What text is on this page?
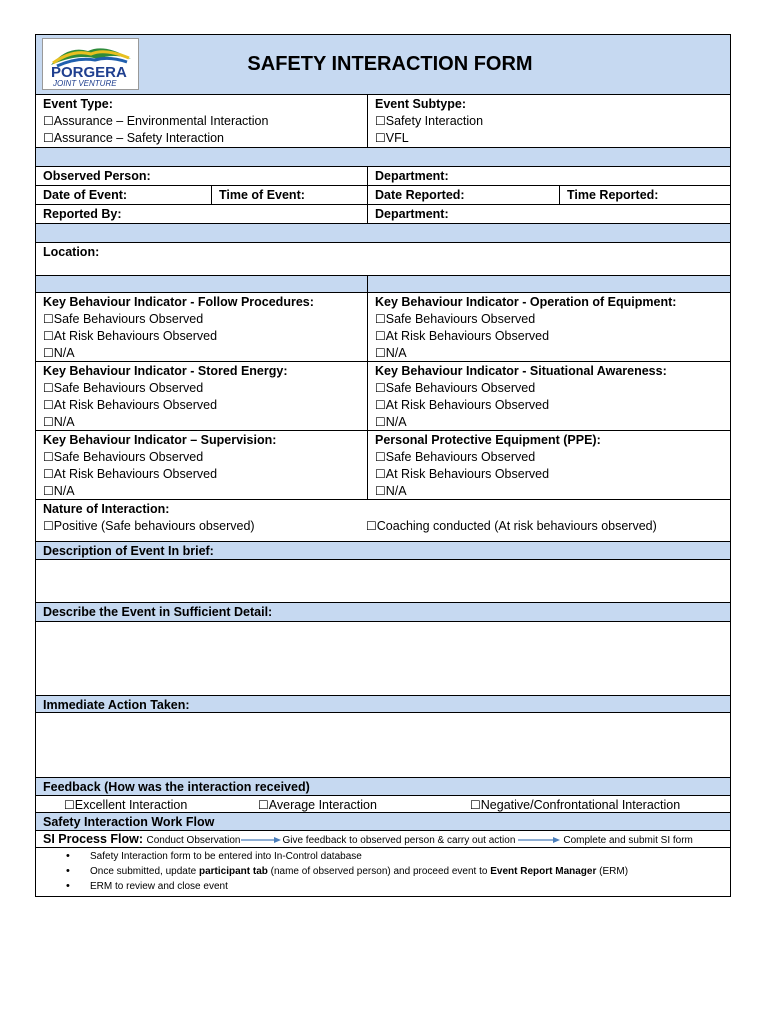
PORGERA
JOINT VENTURE
SAFETY INTERACTION FORM
Event Type:
☐Assurance – Environmental Interaction
☐Assurance – Safety Interaction
Event Subtype:
☐Safety Interaction
☐VFL
Observed Person:	Department:
Date of Event:	Time of Event:	Date Reported:	Time Reported:
Reported By:	Department:
Location:
Key Behaviour Indicator - Follow Procedures:
☐Safe Behaviours Observed
☐At Risk Behaviours Observed
☐N/A
Key Behaviour Indicator - Operation of Equipment:
☐Safe Behaviours Observed
☐At Risk Behaviours Observed
☐N/A
Key Behaviour Indicator - Stored Energy:
☐Safe Behaviours Observed
☐At Risk Behaviours Observed
☐N/A
Key Behaviour Indicator - Situational Awareness:
☐Safe Behaviours Observed
☐At Risk Behaviours Observed
☐N/A
Key Behaviour Indicator – Supervision:
☐Safe Behaviours Observed
☐At Risk Behaviours Observed
☐N/A
Personal Protective Equipment (PPE):
☐Safe Behaviours Observed
☐At Risk Behaviours Observed
☐N/A
Nature of Interaction:
☐Positive (Safe behaviours observed)	☐Coaching conducted (At risk behaviours observed)
Description of Event In brief:
Describe the Event in Sufficient Detail:
Immediate Action Taken:
Feedback (How was the interaction received)
☐Excellent Interaction	☐Average Interaction	☐Negative/Confrontational Interaction
Safety Interaction Work Flow
SI Process Flow: Conduct Observation	Give feedback to observed person & carry out action	Complete and submit SI form
• Safety Interaction form to be entered into In-Control database
• Once submitted, update participant tab (name of observed person) and proceed event to Event Report Manager (ERM)
• ERM to review and close event
